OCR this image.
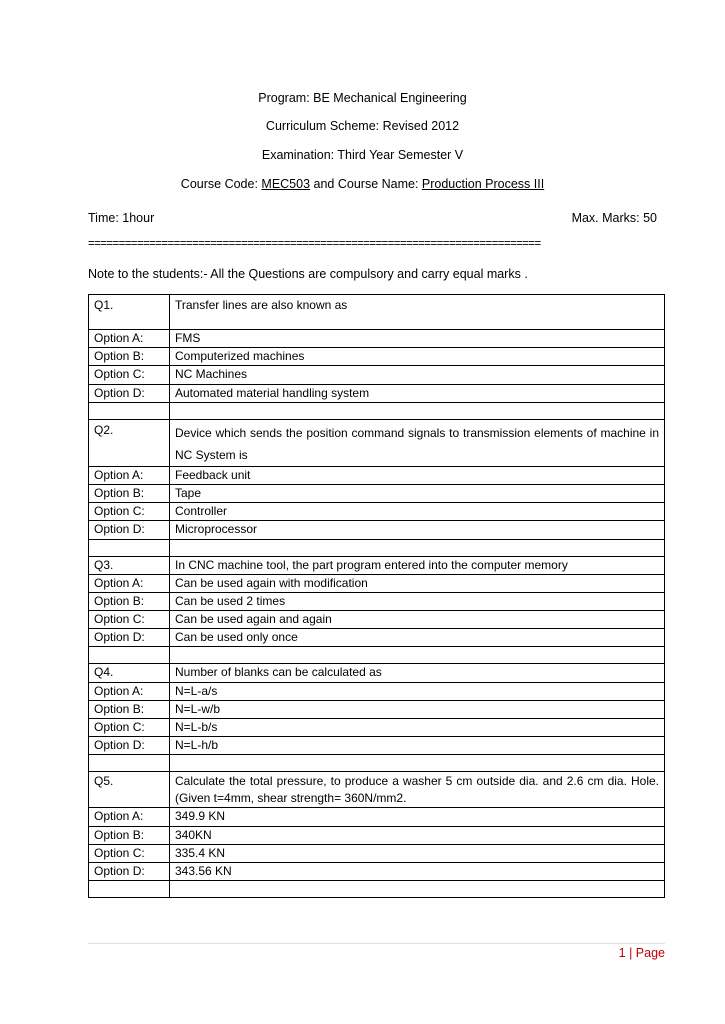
Program: BE Mechanical Engineering
Curriculum Scheme: Revised 2012
Examination: Third Year Semester V
Course Code: MEC503 and Course Name: Production Process III
Time: 1hour	Max. Marks: 50
==========================================================================
Note to the students:- All the Questions are compulsory and carry equal marks .
Q1.	Transfer lines are also known as
Option A:	FMS
Option B:	Computerized machines
Option C:	NC Machines
Option D:	Automated material handling system

Q2.	Device which sends the position command signals to transmission elements of machine in NC System is
Option A:	Feedback unit
Option B:	Tape
Option C:	Controller
Option D:	Microprocessor

Q3.	In CNC machine tool, the part program entered into the computer memory
Option A:	Can be used again with modification
Option B:	Can be used 2 times
Option C:	Can be used again and again
Option D:	Can be used only once

Q4.	Number of blanks can be calculated as
Option A:	N=L-a/s
Option B:	N=L-w/b
Option C:	N=L-b/s
Option D:	N=L-h/b

Q5.	Calculate the total pressure, to produce a washer 5 cm outside dia. and 2.6 cm dia. Hole.(Given t=4mm, shear strength= 360N/mm2.
Option A:	349.9 KN
Option B:	340KN
Option C:	335.4 KN
Option D:	343.56 KN

1 | Page
